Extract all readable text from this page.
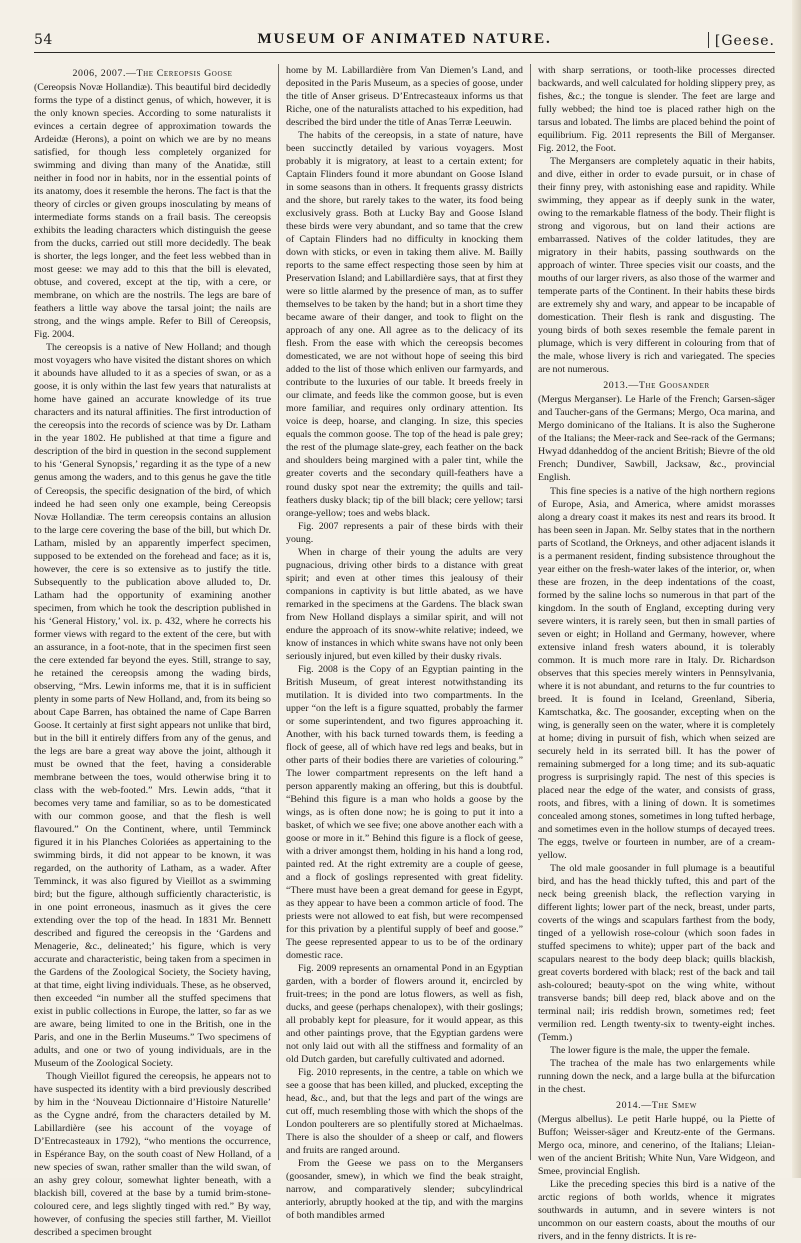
54	MUSEUM OF ANIMATED NATURE.	[Geese.
2006, 2007.—The Cereopsis Goose

(Cereopsis Novæ Hollandiæ). This beautiful bird decidedly forms the type of a distinct genus, of which, however, it is the only known species. According to some naturalists it evinces a certain degree of approximation towards the Ardeidæ (Herons), a point on which we are by no means satisfied, for though less completely organized for swimming and diving than many of the Anatidæ, still neither in food nor in habits, nor in the essential points of its anatomy, does it resemble the herons. The fact is that the theory of circles or given groups inosculating by means of intermediate forms stands on a frail basis. The cereopsis exhibits the leading characters which distinguish the geese from the ducks, carried out still more decidedly. The beak is shorter, the legs longer, and the feet less webbed than in most geese: we may add to this that the bill is elevated, obtuse, and covered, except at the tip, with a cere, or membrane, on which are the nostrils. The legs are bare of feathers a little way above the tarsal joint; the nails are strong, and the wings ample. Refer to Bill of Cereopsis, Fig. 2004.

The cereopsis is a native of New Holland; and though most voyagers who have visited the distant shores on which it abounds have alluded to it as a species of swan, or as a goose, it is only within the last few years that naturalists at home have gained an accurate knowledge of its true characters and its natural affinities. The first introduction of the cereopsis into the records of science was by Dr. Latham in the year 1802. He published at that time a figure and description of the bird in question in the second supplement to his ‘General Synopsis,’ regarding it as the type of a new genus among the waders, and to this genus he gave the title of Cereopsis, the specific designation of the bird, of which indeed he had seen only one example, being Cereopsis Novæ Hollandiæ. The term cereopsis contains an allusion to the large cere covering the base of the bill, but which Dr. Latham, misled by an apparently imperfect specimen, supposed to be extended on the forehead and face; as it is, however, the cere is so extensive as to justify the title. Subsequently to the publication above alluded to, Dr. Latham had the opportunity of examining another specimen, from which he took the description published in his ‘General History,’ vol. ix. p. 432, where he corrects his former views with regard to the extent of the cere, but with an assurance, in a foot-note, that in the specimen first seen the cere extended far beyond the eyes. Still, strange to say, he retained the cereopsis among the wading birds, observing, “Mrs. Lewin informs me, that it is in sufficient plenty in some parts of New Holland, and, from its being so about Cape Barren, has obtained the name of Cape Barren Goose. It certainly at first sight appears not unlike that bird, but in the bill it entirely differs from any of the genus, and the legs are bare a great way above the joint, although it must be owned that the feet, having a considerable membrane between the toes, would otherwise bring it to class with the web-footed.” Mrs. Lewin adds, “that it becomes very tame and familiar, so as to be domesticated with our common goose, and that the flesh is well flavoured.” On the Continent, where, until Temminck figured it in his Planches Coloriées as appertaining to the swimming birds, it did not appear to be known, it was regarded, on the authority of Latham, as a wader. After Temminck, it was also figured by Vieillot as a swimming bird; but the figure, although sufficiently characteristic, is in one point erroneous, inasmuch as it gives the cere extending over the top of the head. In 1831 Mr. Bennett described and figured the cereopsis in the ‘Gardens and Menagerie, &c., delineated;’ his figure, which is very accurate and characteristic, being taken from a specimen in the Gardens of the Zoological Society, the Society having, at that time, eight living individuals. These, as he observed, then exceeded “in number all the stuffed specimens that exist in public collections in Europe, the latter, so far as we are aware, being limited to one in the British, one in the Paris, and one in the Berlin Museums.” Two specimens of adults, and one or two of young individuals, are in the Museum of the Zoological Society.

Though Vieillot figured the cereopsis, he appears not to have suspected its identity with a bird previously described by him in the ‘Nouveau Dictionnaire d’Histoire Naturelle’ as the Cygne andré, from the characters detailed by M. Labillardière (see his account of the voyage of D’Entrecasteaux in 1792), “who mentions the occurrence, in Espérance Bay, on the south coast of New Holland, of a new species of swan, rather smaller than the wild swan, of an ashy grey colour, somewhat lighter beneath, with a blackish bill, covered at the base by a tumid brim-stone-coloured cere, and legs slightly tinged with red.” By way, however, of confusing the species still farther, M. Vieillot described a specimen brought

home by M. Labillardière from Van Diemen’s Land, and deposited in the Paris Museum, as a species of goose, under the title of Anser griseus. D’Entrecasteaux informs us that Riche, one of the naturalists attached to his expedition, had described the bird under the title of Anas Terræ Leeuwin.

The habits of the cereopsis, in a state of nature, have been succinctly detailed by various voyagers. Most probably it is migratory, at least to a certain extent; for Captain Flinders found it more abundant on Goose Island in some seasons than in others. It frequents grassy districts and the shore, but rarely takes to the water, its food being exclusively grass. Both at Lucky Bay and Goose Island these birds were very abundant, and so tame that the crew of Captain Flinders had no difficulty in knocking them down with sticks, or even in taking them alive. M. Bailly reports to the same effect respecting those seen by him at Preservation Island; and Labillardière says, that at first they were so little alarmed by the presence of man, as to suffer themselves to be taken by the hand; but in a short time they became aware of their danger, and took to flight on the approach of any one. All agree as to the delicacy of its flesh. From the ease with which the cereopsis becomes domesticated, we are not without hope of seeing this bird added to the list of those which enliven our farmyards, and contribute to the luxuries of our table. It breeds freely in our climate, and feeds like the common goose, but is even more familiar, and requires only ordinary attention. Its voice is deep, hoarse, and clanging. In size, this species equals the common goose. The top of the head is pale grey; the rest of the plumage slate-grey, each feather on the back and shoulders being margined with a paler tint, while the greater coverts and the secondary quill-feathers have a round dusky spot near the extremity; the quills and tail-feathers dusky black; tip of the bill black; cere yellow; tarsi orange-yellow; toes and webs black.

Fig. 2007 represents a pair of these birds with their young.

When in charge of their young the adults are very pugnacious, driving other birds to a distance with great spirit; and even at other times this jealousy of their companions in captivity is but little abated, as we have remarked in the specimens at the Gardens. The black swan from New Holland displays a similar spirit, and will not endure the approach of its snow-white relative; indeed, we know of instances in which white swans have not only been seriously injured, but even killed by their dusky rivals.

Fig. 2008 is the Copy of an Egyptian painting in the British Museum, of great interest notwithstanding its mutilation. It is divided into two compartments. In the upper “on the left is a figure squatted, probably the farmer or some superintendent, and two figures approaching it. Another, with his back turned towards them, is feeding a flock of geese, all of which have red legs and beaks, but in other parts of their bodies there are varieties of colouring.” The lower compartment represents on the left hand a person apparently making an offering, but this is doubtful. “Behind this figure is a man who holds a goose by the wings, as is often done now; he is going to put it into a basket, of which we see five; one above another each with a goose or more in it.” Behind this figure is a flock of geese, with a driver amongst them, holding in his hand a long rod, painted red. At the right extremity are a couple of geese, and a flock of goslings represented with great fidelity. “There must have been a great demand for geese in Egypt, as they appear to have been a common article of food. The priests were not allowed to eat fish, but were recompensed for this privation by a plentiful supply of beef and goose.” The geese represented appear to us to be of the ordinary domestic race.

Fig. 2009 represents an ornamental Pond in an Egyptian garden, with a border of flowers around it, encircled by fruit-trees; in the pond are lotus flowers, as well as fish, ducks, and geese (perhaps chenalopex), with their goslings; all probably kept for pleasure, for it would appear, as this and other paintings prove, that the Egyptian gardens were not only laid out with all the stiffness and formality of an old Dutch garden, but carefully cultivated and adorned.

Fig. 2010 represents, in the centre, a table on which we see a goose that has been killed, and plucked, excepting the head, &c., and, but that the legs and part of the wings are cut off, much resembling those with which the shops of the London poulterers are so plentifully stored at Michaelmas. There is also the shoulder of a sheep or calf, and flowers and fruits are ranged around.

From the Geese we pass on to the Mergansers (goosander, smew), in which we find the beak straight, narrow, and comparatively slender; subcylindrical anteriorly, abruptly hooked at the tip, and with the margins of both mandibles armed

with sharp serrations, or tooth-like processes directed backwards, and well calculated for holding slippery prey, as fishes, &c.; the tongue is slender. The feet are large and fully webbed; the hind toe is placed rather high on the tarsus and lobated. The limbs are placed behind the point of equilibrium. Fig. 2011 represents the Bill of Merganser. Fig. 2012, the Foot.

The Mergansers are completely aquatic in their habits, and dive, either in order to evade pursuit, or in chase of their finny prey, with astonishing ease and rapidity. While swimming, they appear as if deeply sunk in the water, owing to the remarkable flatness of the body. Their flight is strong and vigorous, but on land their actions are embarrassed. Natives of the colder latitudes, they are migratory in their habits, passing southwards on the approach of winter. Three species visit our coasts, and the mouths of our larger rivers, as also those of the warmer and temperate parts of the Continent. In their habits these birds are extremely shy and wary, and appear to be incapable of domestication. Their flesh is rank and disgusting. The young birds of both sexes resemble the female parent in plumage, which is very different in colouring from that of the male, whose livery is rich and variegated. The species are not numerous.

2013.—The Goosander

(Mergus Merganser). Le Harle of the French; Garsen-säger and Taucher-gans of the Germans; Mergo, Oca marina, and Mergo dominicano of the Italians. It is also the Sugherone of the Italians; the Meer-rack and See-rack of the Germans; Hwyad ddanheddog of the ancient British; Bievre of the old French; Dundiver, Sawbill, Jacksaw, &c., provincial English.

This fine species is a native of the high northern regions of Europe, Asia, and America, where amidst morasses along a dreary coast it makes its nest and rears its brood. It has been seen in Japan. Mr. Selby states that in the northern parts of Scotland, the Orkneys, and other adjacent islands it is a permanent resident, finding subsistence throughout the year either on the fresh-water lakes of the interior, or, when these are frozen, in the deep indentations of the coast, formed by the saline lochs so numerous in that part of the kingdom. In the south of England, excepting during very severe winters, it is rarely seen, but then in small parties of seven or eight; in Holland and Germany, however, where extensive inland fresh waters abound, it is tolerably common. It is much more rare in Italy. Dr. Richardson observes that this species merely winters in Pennsylvania, where it is not abundant, and returns to the fur countries to breed. It is found in Iceland, Greenland, Siberia, Kamtschatka, &c. The goosander, excepting when on the wing, is generally seen on the water, where it is completely at home; diving in pursuit of fish, which when seized are securely held in its serrated bill. It has the power of remaining submerged for a long time; and its sub-aquatic progress is surprisingly rapid. The nest of this species is placed near the edge of the water, and consists of grass, roots, and fibres, with a lining of down. It is sometimes concealed among stones, sometimes in long tufted herbage, and sometimes even in the hollow stumps of decayed trees. The eggs, twelve or fourteen in number, are of a cream-yellow.

The old male goosander in full plumage is a beautiful bird, and has the head thickly tufted, this and part of the neck being greenish black, the reflection varying in different lights; lower part of the neck, breast, under parts, coverts of the wings and scapulars farthest from the body, tinged of a yellowish rose-colour (which soon fades in stuffed specimens to white); upper part of the back and scapulars nearest to the body deep black; quills blackish, great coverts bordered with black; rest of the back and tail ash-coloured; beauty-spot on the wing white, without transverse bands; bill deep red, black above and on the terminal nail; iris reddish brown, sometimes red; feet vermilion red. Length twenty-six to twenty-eight inches. (Temm.)

The lower figure is the male, the upper the female.

The trachea of the male has two enlargements while running down the neck, and a large bulla at the bifurcation in the chest.

2014.—The Smew

(Mergus albellus). Le petit Harle huppé, ou la Piette of Buffon; Weisser-säger and Kreutz-ente of the Germans. Mergo oca, minore, and cenerino, of the Italians; Lleian-wen of the ancient British; White Nun, Vare Widgeon, and Smee, provincial English.

Like the preceding species this bird is a native of the arctic regions of both worlds, whence it migrates southwards in autumn, and in severe winters is not uncommon on our eastern coasts, about the mouths of our rivers, and in the fenny districts. It is re-
